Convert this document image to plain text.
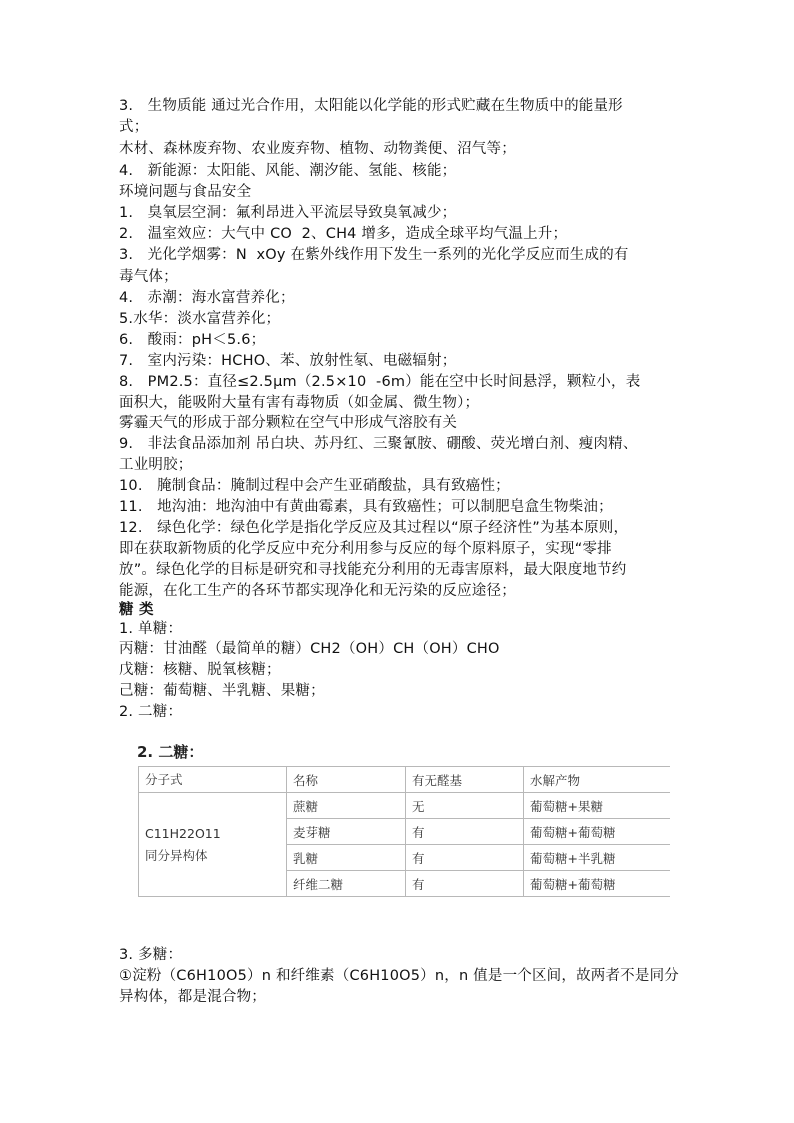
3.   生物质能 通过光合作用，太阳能以化学能的形式贮藏在生物质中的能量形
式；
木材、森林废弃物、农业废弃物、植物、动物粪便、沼气等；
4.   新能源：太阳能、风能、潮汐能、氢能、核能；
环境问题与食品安全
1.   臭氧层空洞：氟利昂进入平流层导致臭氧减少；
2.   温室效应：大气中 CO  2、CH4 增多，造成全球平均气温上升；
3.   光化学烟雾：N  xOy 在紫外线作用下发生一系列的光化学反应而生成的有
毒气体；
4.   赤潮：海水富营养化；
5.水华：淡水富营养化；
6.   酸雨：pH＜5.6；
7.   室内污染：HCHO、苯、放射性氡、电磁辐射；
8.   PM2.5：直径≤2.5μm（2.5×10  -6m）能在空中长时间悬浮，颗粒小，表
面积大，能吸附大量有害有毒物质（如金属、微生物）；
雾霾天气的形成于部分颗粒在空气中形成气溶胶有关
9.   非法食品添加剂 吊白块、苏丹红、三聚氰胺、硼酸、荧光增白剂、瘦肉精、
工业明胶；
10.   腌制食品：腌制过程中会产生亚硝酸盐，具有致癌性；
11.   地沟油：地沟油中有黄曲霉素，具有致癌性；可以制肥皂盒生物柴油；
12.   绿色化学：绿色化学是指化学反应及其过程以“原子经济性”为基本原则，
即在获取新物质的化学反应中充分利用参与反应的每个原料原子，实现“零排
放”。绿色化学的目标是研究和寻找能充分利用的无毒害原料，最大限度地节约
能源，在化工生产的各环节都实现净化和无污染的反应途径；
糖 类
1. 单糖：
丙糖：甘油醛（最简单的糖）CH2（OH）CH（OH）CHO
戊糖：核糖、脱氧核糖；
己糖：葡萄糖、半乳糖、果糖；
2. 二糖：
2. 二糖：
分子式	名称	有无醛基	水解产物

C11H22O11
同分异构体	蔗糖	无	葡萄糖+果糖
	麦芽糖	有	葡萄糖+葡萄糖
	乳糖	有	葡萄糖+半乳糖
	纤维二糖	有	葡萄糖+葡萄糖
3. 多糖：
①淀粉（C6H10O5）n 和纤维素（C6H10O5）n，n 值是一个区间，故两者不是同分
异构体，都是混合物；
